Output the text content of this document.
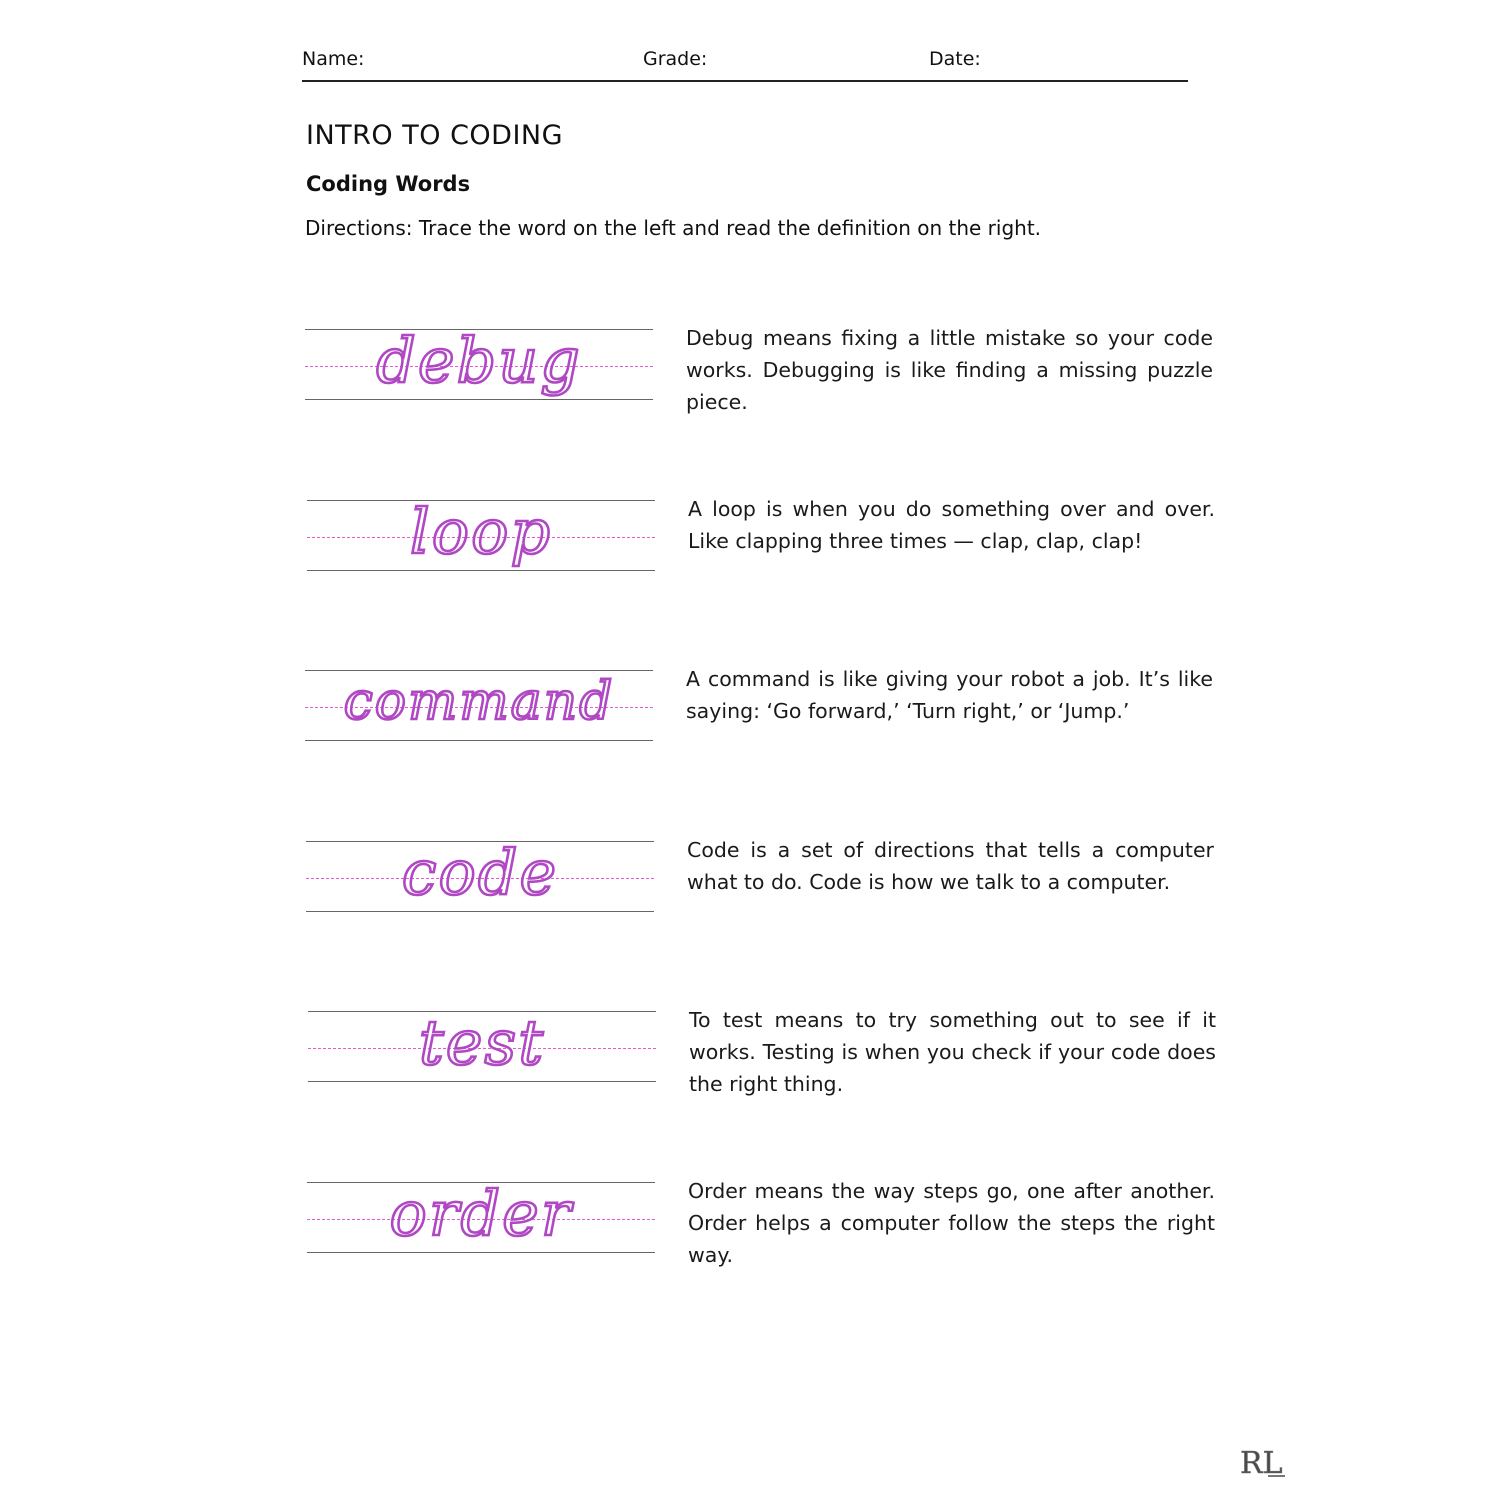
Name:	Grade:	Date:
INTRO TO CODING
Coding Words

Directions: Trace the word on the left and read the definition on the right.

debug	Debug means fixing a little mistake so your code works. Debugging is like finding a missing puzzle piece.

loop	A loop is when you do something over and over. Like clapping three times — clap, clap, clap!

command	A command is like giving your robot a job. It’s like saying: ‘Go forward,’ ‘Turn right,’ or ‘Jump.’

code	Code is a set of directions that tells a computer what to do. Code is how we talk to a computer.

test	To test means to try something out to see if it works. Testing is when you check if your code does the right thing.

order	Order means the way steps go, one after another. Order helps a computer follow the steps the right way.

RL
